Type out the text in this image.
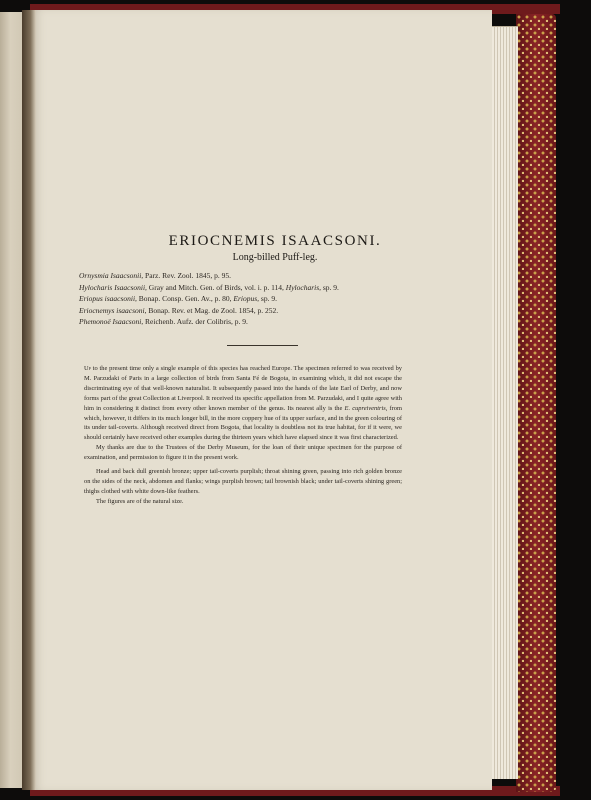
ERIOCNEMIS ISAACSONI.
Long-billed Puff-leg.
Ornysmia Isaacsonii, Parz. Rev. Zool. 1845, p. 95.
Hylocharis Isaacsonii, Gray and Mitch. Gen. of Birds, vol. i. p. 114, Hylocharis, sp. 9.
Eriopus isaacsonii, Bonap. Consp. Gen. Av., p. 80, Eriopus, sp. 9.
Eriocnemys isaacsoni, Bonap. Rev. et Mag. de Zool. 1854, p. 252.
Phemonoë Isaacsoni, Reichenb. Aufz. der Colibris, p. 9.

Up to the present time only a single example of this species has reached Europe. The specimen referred to was received by M. Parzudaki of Paris in a large collection of birds from Santa Fé de Bogota, in examining which, it did not escape the discriminating eye of that well-known naturalist. It subsequently passed into the hands of the late Earl of Derby, and now forms part of the great Collection at Liverpool. It received its specific appellation from M. Parzudaki, and I quite agree with him in considering it distinct from every other known member of the genus. Its nearest ally is the E. cupreiventris, from which, however, it differs in its much longer bill, in the more coppery hue of its upper surface, and in the green colouring of its under tail-coverts. Although received direct from Bogota, that locality is doubtless not its true habitat, for if it were, we should certainly have received other examples during the thirteen years which have elapsed since it was first characterized.

My thanks are due to the Trustees of the Derby Museum, for the loan of their unique specimen for the purpose of examination, and permission to figure it in the present work.

Head and back dull greenish bronze; upper tail-coverts purplish; throat shining green, passing into rich golden bronze on the sides of the neck, abdomen and flanks; wings purplish brown; tail brownish black; under tail-coverts shining green; thighs clothed with white down-like feathers.

The figures are of the natural size.
